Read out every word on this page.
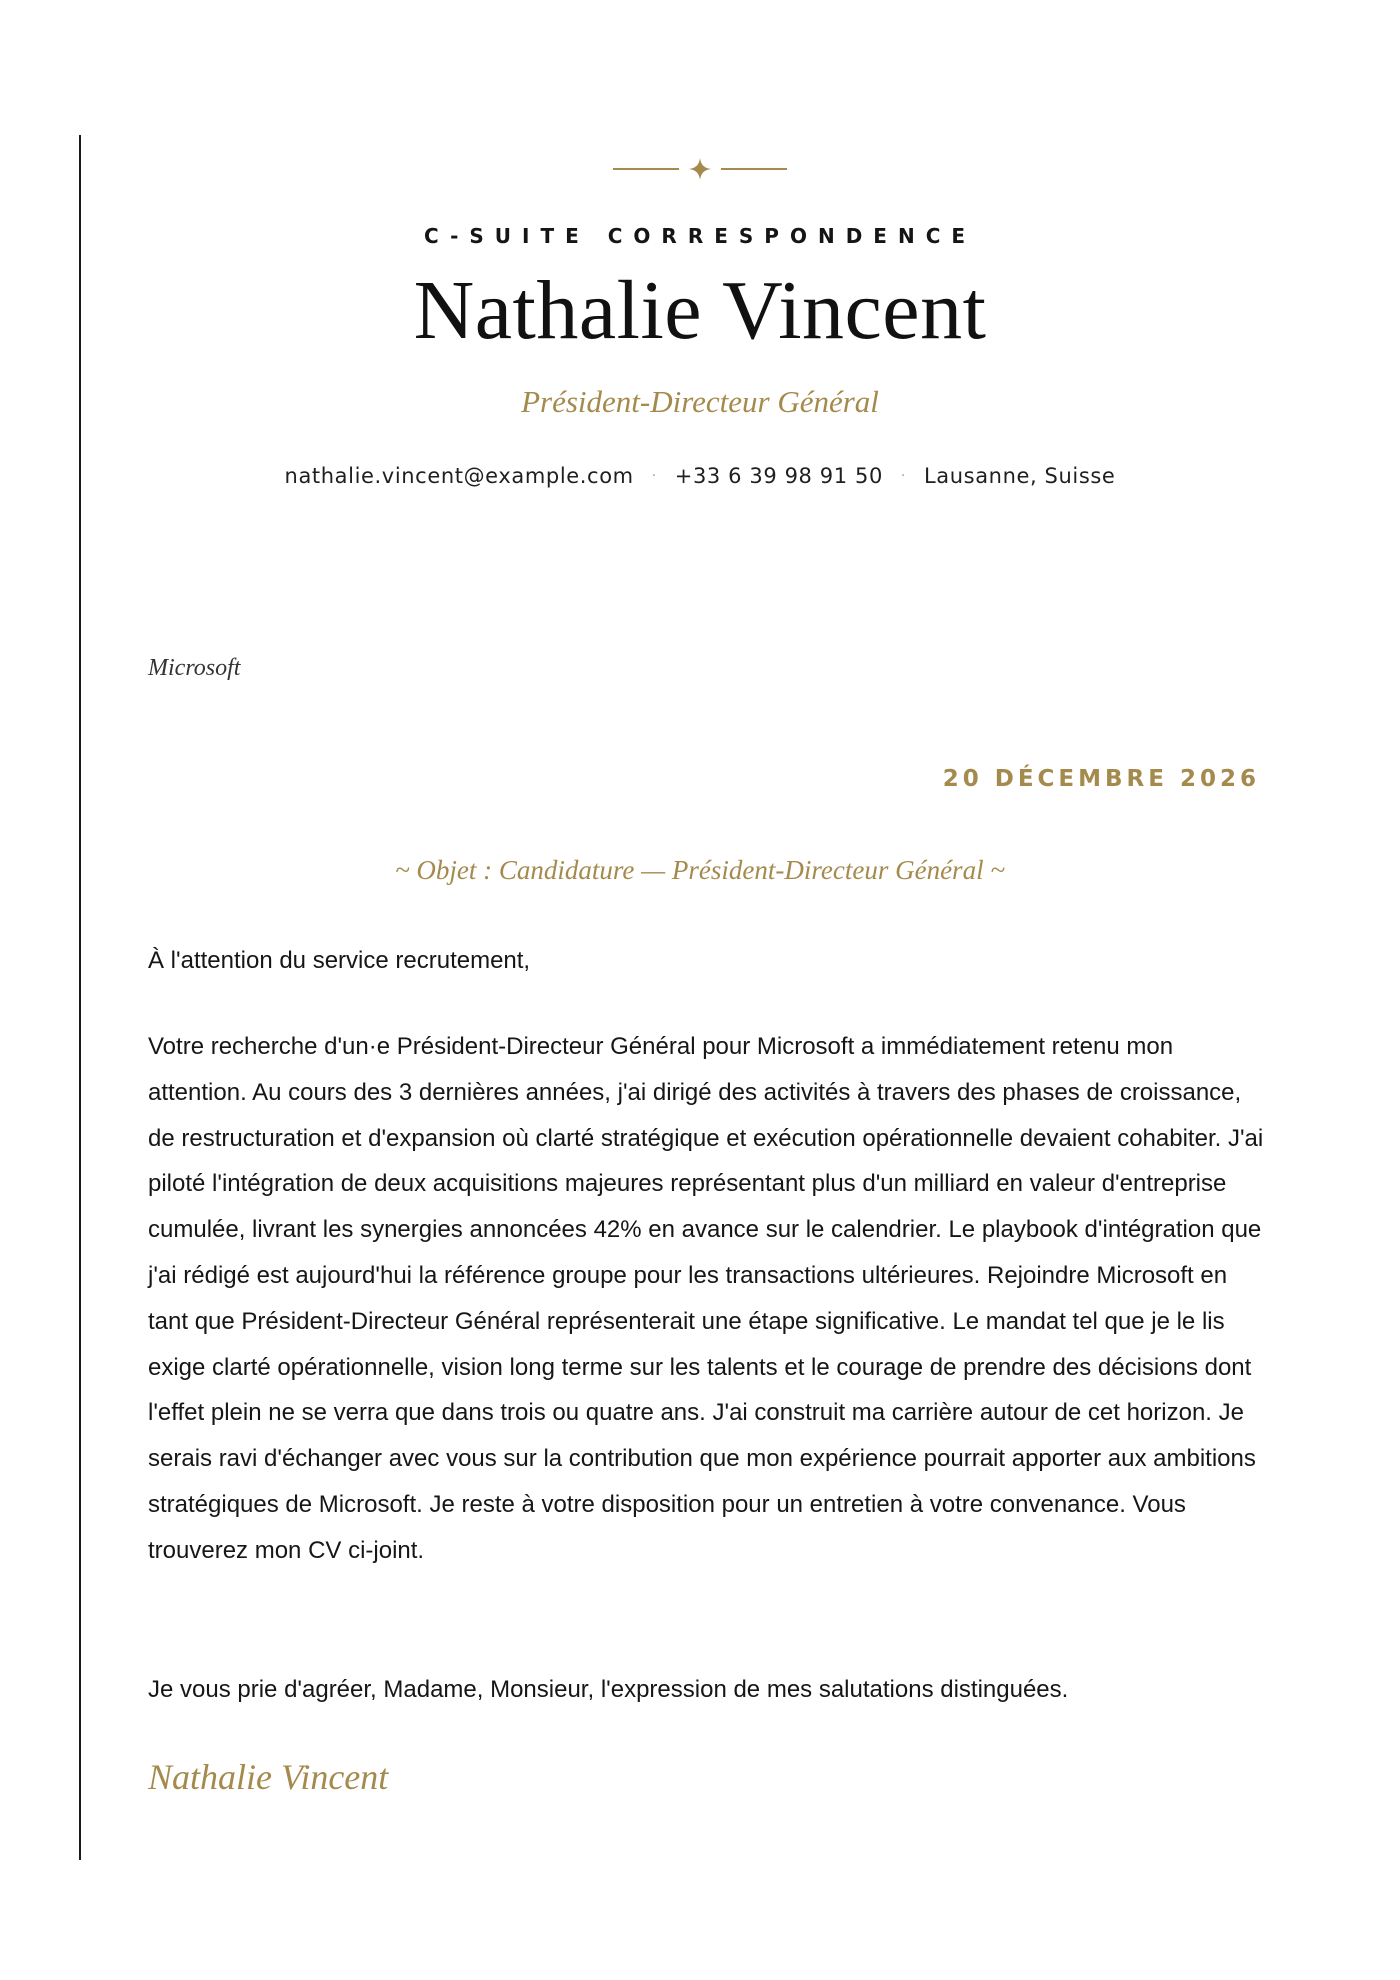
C-SUITE CORRESPONDENCE
Nathalie Vincent
Président-Directeur Général
nathalie.vincent@example.com · +33 6 39 98 91 50 · Lausanne, Suisse
Microsoft
20 DÉCEMBRE 2026
~ Objet : Candidature — Président-Directeur Général ~
À l'attention du service recrutement,

Votre recherche d'un·e Président-Directeur Général pour Microsoft a immédiatement retenu mon attention. Au cours des 3 dernières années, j'ai dirigé des activités à travers des phases de croissance, de restructuration et d'expansion où clarté stratégique et exécution opérationnelle devaient cohabiter. J'ai piloté l'intégration de deux acquisitions majeures représentant plus d'un milliard en valeur d'entreprise cumulée, livrant les synergies annoncées 42% en avance sur le calendrier. Le playbook d'intégration que j'ai rédigé est aujourd'hui la référence groupe pour les transactions ultérieures. Rejoindre Microsoft en tant que Président-Directeur Général représenterait une étape significative. Le mandat tel que je le lis exige clarté opérationnelle, vision long terme sur les talents et le courage de prendre des décisions dont l'effet plein ne se verra que dans trois ou quatre ans. J'ai construit ma carrière autour de cet horizon. Je serais ravi d'échanger avec vous sur la contribution que mon expérience pourrait apporter aux ambitions stratégiques de Microsoft. Je reste à votre disposition pour un entretien à votre convenance. Vous trouverez mon CV ci-joint.

Je vous prie d'agréer, Madame, Monsieur, l'expression de mes salutations distinguées.
Nathalie Vincent
